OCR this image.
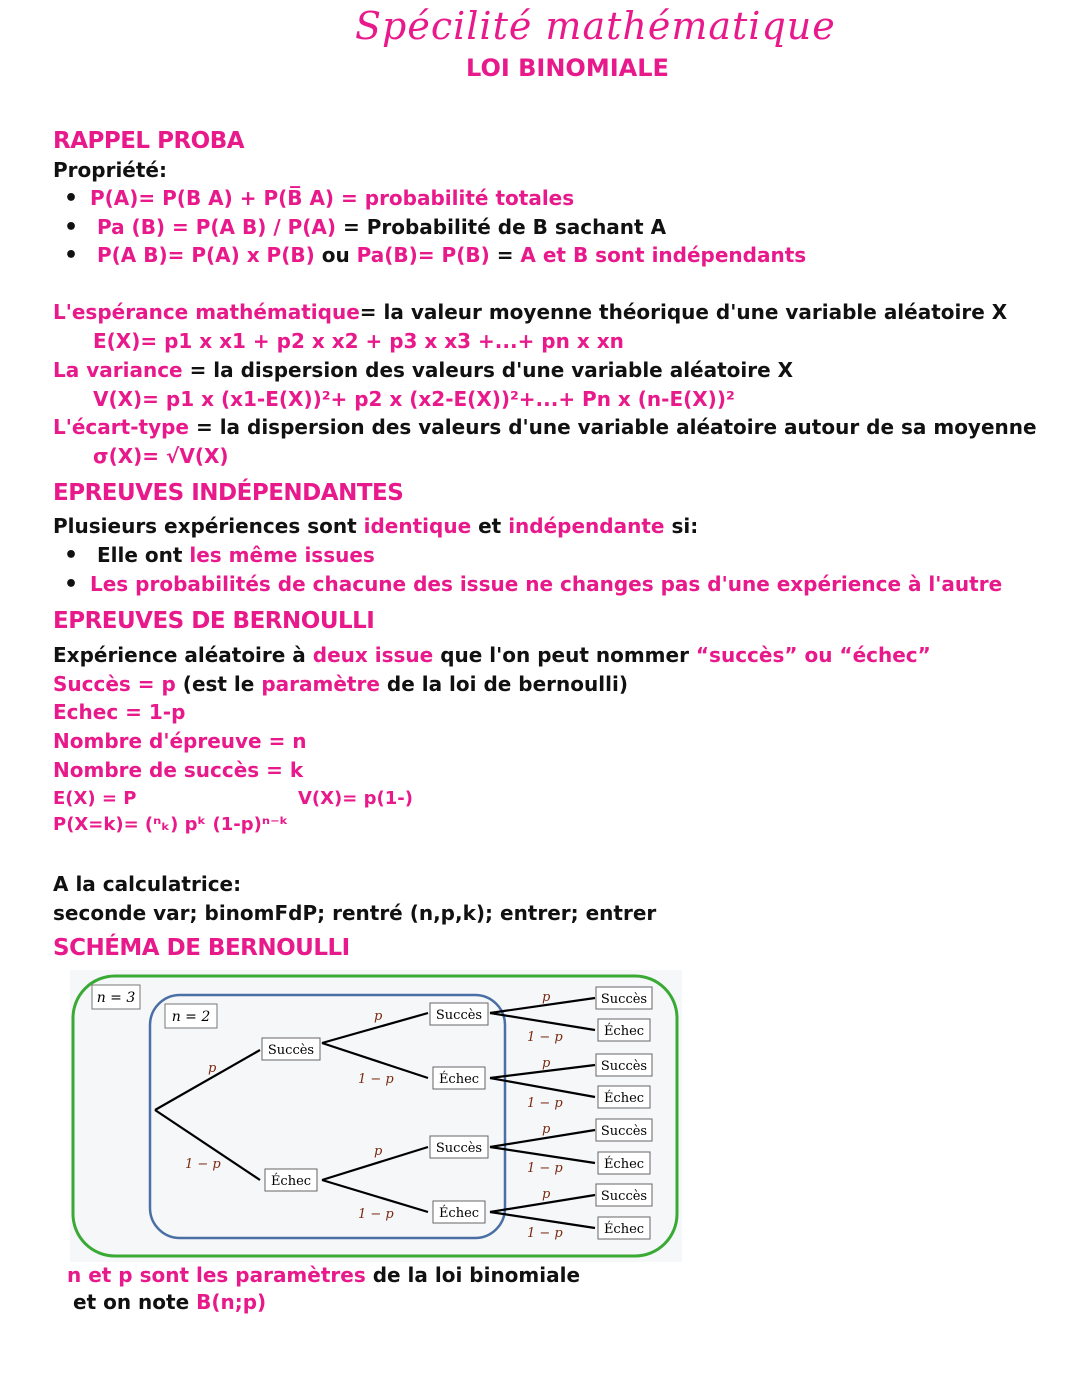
Spécilité mathématique
LOI BINOMIALE
RAPPEL PROBA
Propriété:
• P(A)= P(B A) + P(B̅ A) = probabilité totales
• Pa (B) = P(A B) / P(A) = Probabilité de B sachant A
• P(A B)= P(A) x P(B) ou Pa(B)= P(B) = A et B sont indépendants
L'espérance mathématique= la valeur moyenne théorique d'une variable aléatoire X
E(X)= p1 x x1 + p2 x x2 + p3 x x3 +...+ pn x xn
La variance = la dispersion des valeurs d'une variable aléatoire X
V(X)= p1 x (x1-E(X))²+ p2 x (x2-E(X))²+...+ Pn x (n-E(X))²
L'écart-type = la dispersion des valeurs d'une variable aléatoire autour de sa moyenne
σ(X)= √V(X)
EPREUVES INDÉPENDANTES
Plusieurs expériences sont identique et indépendante si:
• Elle ont les même issues
• Les probabilités de chacune des issue ne changes pas d'une expérience à l'autre
EPREUVES DE BERNOULLI
Expérience aléatoire à deux issue que l'on peut nommer “succès” ou “échec”
Succès = p (est le paramètre de la loi de bernoulli)
Echec = 1-p
Nombre d'épreuve = n
Nombre de succès = k
E(X) = P	V(X)= p(1-)
P(X=k)= (ⁿₖ) pᵏ (1-p)ⁿ⁻ᵏ
A la calculatrice:
seconde var; binomFdP; rentré (n,p,k); entrer; entrer
SCHÉMA DE BERNOULLI
n = 3
n = 2
p
1 − p
p
1 − p
p
1 − p
p
1 − p
p
1 − p
p
1 − p
p
1 − p
Succès
Échec
Succès
Échec
Succès
Échec
Succès
Échec
Succès
Échec
Succès
Échec
Succès
Échec
n et p sont les paramètres de la loi binomiale
et on note B(n;p)
